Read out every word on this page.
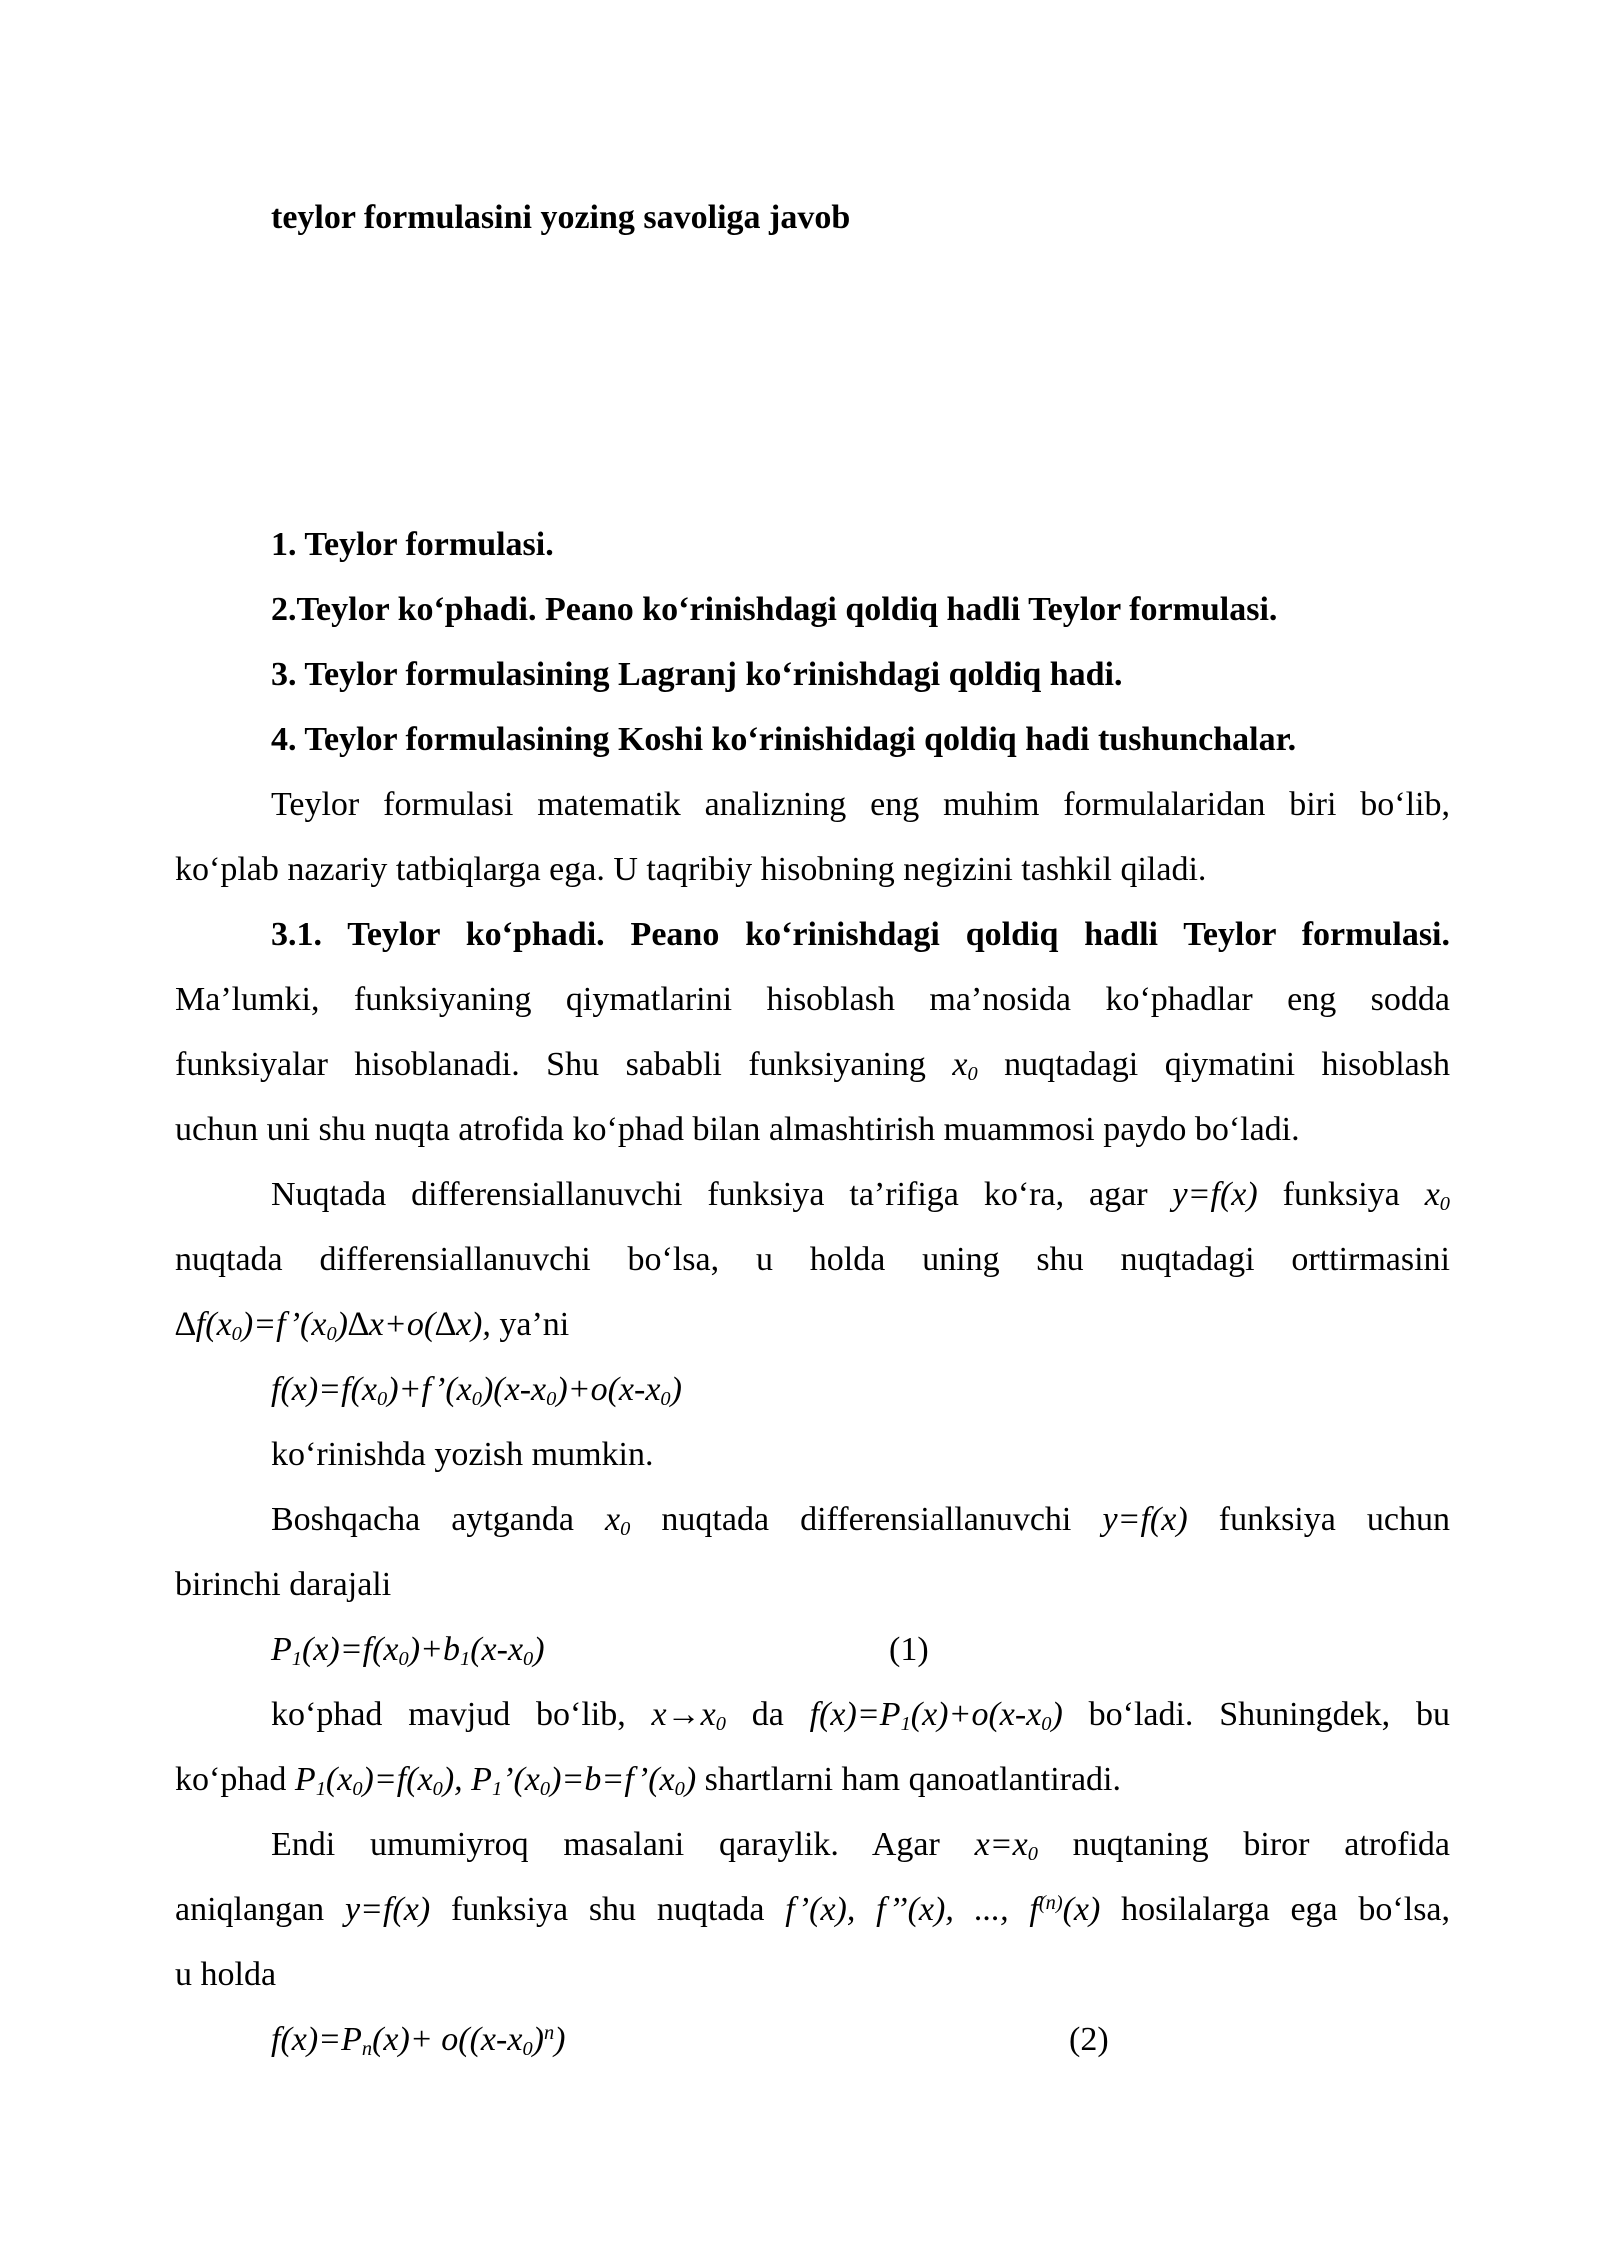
teylor formulasini yozing savoliga javob
1. Teylor formulasi.
2.Teylor ko‘phadi. Peano ko‘rinishdagi qoldiq hadli Teylor formulasi.
3. Teylor formulasining Lagranj ko‘rinishdagi qoldiq hadi.
4. Teylor formulasining Koshi ko‘rinishidagi qoldiq hadi tushunchalar.
Teylor formulasi matematik analizning eng muhim formulalaridan biri bo‘lib,
ko‘plab nazariy tatbiqlarga ega. U taqribiy hisobning negizini tashkil qiladi.
3.1. Teylor ko‘phadi. Peano ko‘rinishdagi qoldiq hadli Teylor formulasi.
Ma’lumki, funksiyaning qiymatlarini hisoblash ma’nosida ko‘phadlar eng sodda
funksiyalar hisoblanadi. Shu sababli funksiyaning $x_0$ nuqtadagi qiymatini hisoblash
uchun uni shu nuqta atrofida ko‘phad bilan almashtirish muammosi paydo bo‘ladi.
Nuqtada differensiallanuvchi funksiya ta’rifiga ko‘ra, agar y=f(x) funksiya $x_0$
nuqtada differensiallanuvchi bo‘lsa, u holda uning shu nuqtadagi orttirmasini
$\Delta f(x_0)=f’(x_0)\Delta x+o(\Delta x)$, ya’ni
$f(x)=f(x_0)+f’(x_0)(x-x_0)+o(x-x_0)$
ko‘rinishda yozish mumkin.
Boshqacha aytganda $x_0$ nuqtada differensiallanuvchi y=f(x) funksiya uchun
birinchi darajali
$P_1(x)=f(x_0)+b_1(x-x_0)$	(1)
ko‘phad mavjud bo‘lib, $x\to x_0$ da $f(x)=P_1(x)+o(x-x_0)$ bo‘ladi. Shuningdek, bu
ko‘phad $P_1(x_0)=f(x_0)$, $P_1’(x_0)=b=f’(x_0)$ shartlarni ham qanoatlantiradi.
Endi umumiyroq masalani qaraylik. Agar $x=x_0$ nuqtaning biror atrofida
aniqlangan y=f(x) funksiya shu nuqtada f’(x), f’’(x), ..., $f^{(n)}(x)$ hosilalarga ega bo‘lsa,
u holda
$f(x)=P_n(x)+ o((x-x_0)^n)$	(2)
